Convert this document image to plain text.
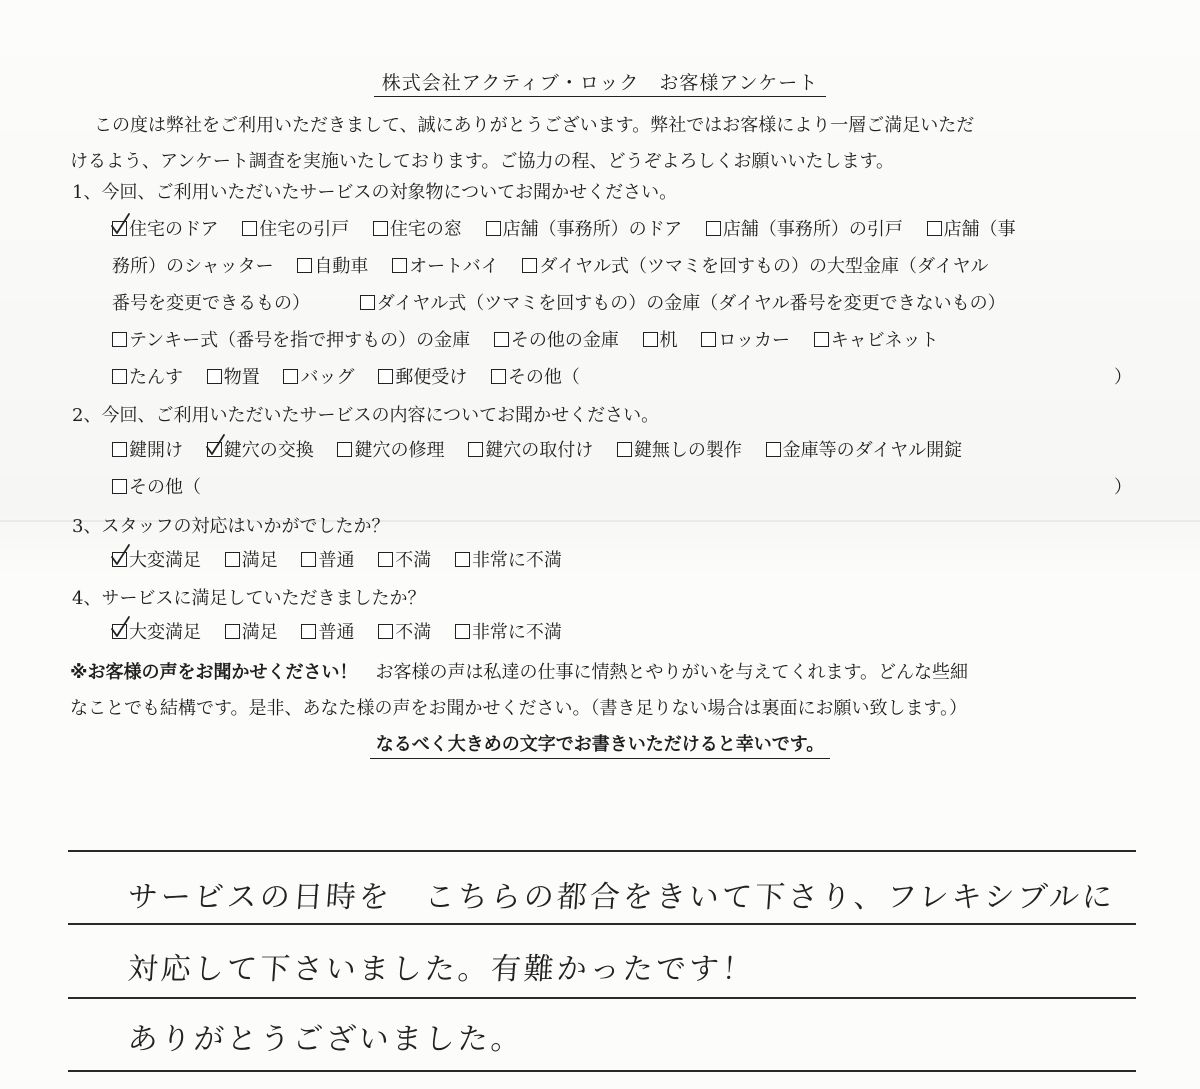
株式会社アクティブ・ロック　お客様アンケート

この度は弊社をご利用いただきまして、誠にありがとうございます。弊社ではお客様により一層ご満足いただ

けるよう、アンケート調査を実施いたしております。ご協力の程、どうぞよろしくお願いいたします。
1、今回、ご利用いただいたサービスの対象物についてお聞かせください。
住宅のドア 住宅の引戸 住宅の窓 店舗（事務所）のドア 店舗（事務所）の引戸 店舗（事
務所）のシャッター 自動車 オートバイ ダイヤル式（ツマミを回すもの）の大型金庫（ダイヤル
番号を変更できるもの）	ダイヤル式（ツマミを回すもの）の金庫（ダイヤル番号を変更できないもの）
テンキー式（番号を指で押すもの）の金庫 その他の金庫 机 ロッカー キャビネット
たんす 物置 バッグ 郵便受け その他（	）
2、今回、ご利用いただいたサービスの内容についてお聞かせください。
鍵開け 鍵穴の交換 鍵穴の修理 鍵穴の取付け 鍵無しの製作 金庫等のダイヤル開錠
その他（	）
3、スタッフの対応はいかがでしたか？
大変満足 満足 普通 不満 非常に不満
4、サービスに満足していただきましたか？
大変満足 満足 普通 不満 非常に不満
※お客様の声をお聞かせください！　 お客様の声は私達の仕事に情熱とやりがいを与えてくれます。どんな些細
なことでも結構です。是非、あなた様の声をお聞かせください。（書き足りない場合は裏面にお願い致します。）
なるべく大きめの文字でお書きいただけると幸いです。
サービスの日時を　こちらの都合をきいて下さり、フレキシブルに
対応して下さいました。有難かったです！
ありがとうございました。
